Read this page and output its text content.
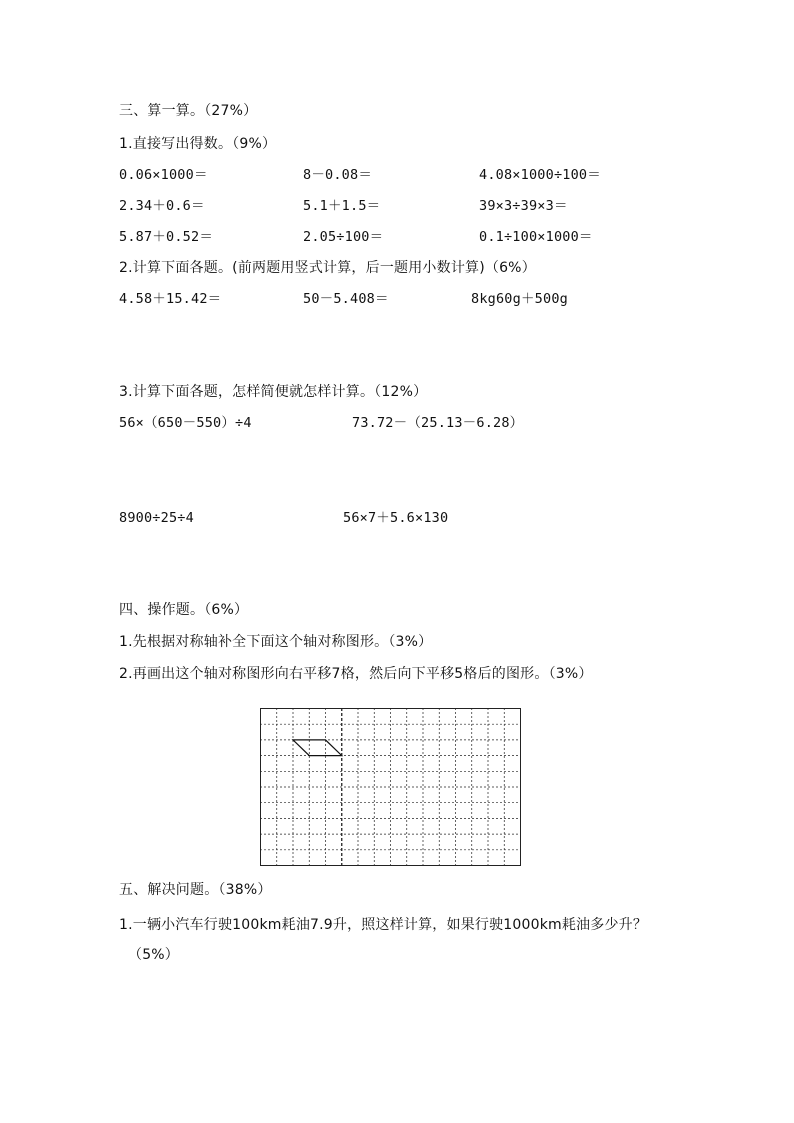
三、算一算。（27%）
1.直接写出得数。（9%）
0.06×1000＝	8－0.08＝	4.08×1000÷100＝
2.34＋0.6＝	5.1＋1.5＝	39×3÷39×3＝
5.87＋0.52＝	2.05÷100＝	0.1÷100×1000＝
2.计算下面各题。(前两题用竖式计算，后一题用小数计算)（6%）
4.58＋15.42＝	50－5.408＝	8kg60g＋500g
3.计算下面各题，怎样简便就怎样计算。（12%）
56×（650－550）÷4	73.72－（25.13－6.28）
8900÷25÷4	56×7＋5.6×130
四、操作题。（6%）
1.先根据对称轴补全下面这个轴对称图形。（3%）
2.再画出这个轴对称图形向右平移7格，然后向下平移5格后的图形。（3%）
五、解决问题。（38%）
1.一辆小汽车行驶100km耗油7.9升，照这样计算，如果行驶1000km耗油多少升？
（5%）
